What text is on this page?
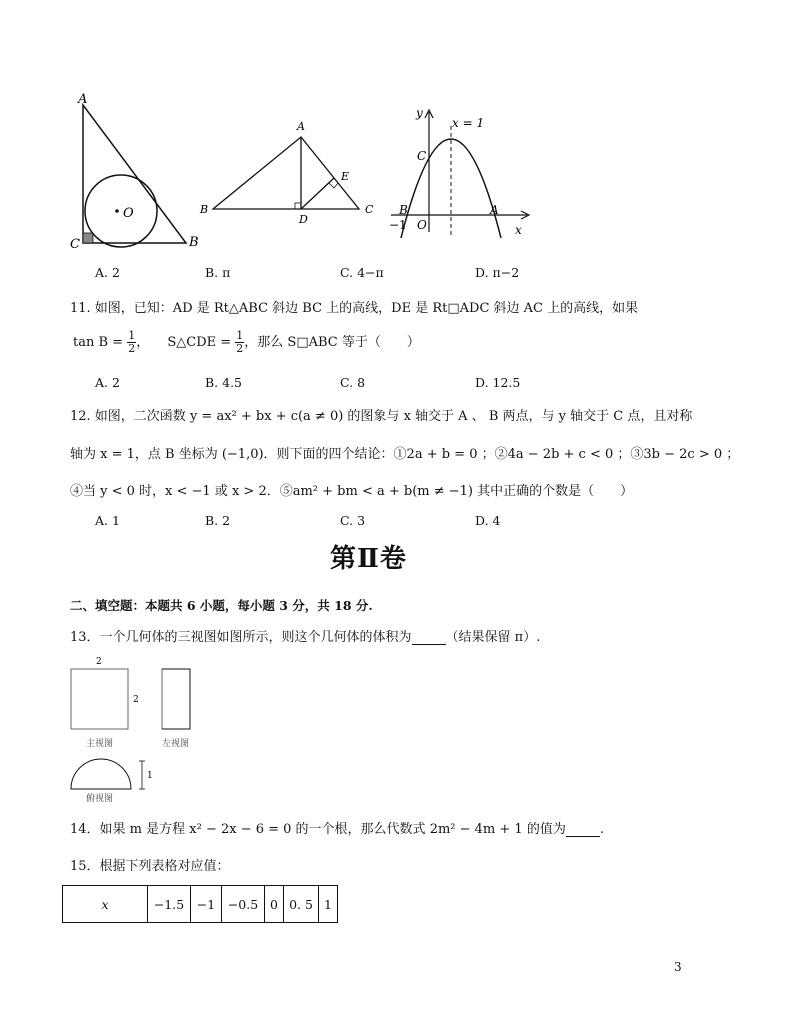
A
C	B
O
A
B	C
D
E
y
x
x = 1
C
B	A
O
−1
A. 2	B. π	C. 4−π	D. π−2
11. 如图，已知：AD 是 Rt△ABC 斜边 BC 上的高线，DE 是 Rt□ADC 斜边 AC 上的高线，如果
$\tan B = \frac{1}{2}$ ， S△CDE = $\frac{1}{2}$ ，那么 S□ABC 等于（　　）
A. 2	B. 4.5	C. 8	D. 12.5
12. 如图，二次函数 y = ax² + bx + c(a ≠ 0) 的图象与 x 轴交于 A 、 B 两点，与 y 轴交于 C 点，且对称
轴为 x = 1，点 B 坐标为 (−1,0)．则下面的四个结论：①2a + b = 0 ；②4a − 2b + c < 0 ；③3b − 2c > 0 ；
④当 y < 0 时，x < −1 或 x > 2．⑤am² + bm < a + b(m ≠ −1) 其中正确的个数是（　　）
A. 1	B. 2	C. 3	D. 4
第Ⅱ卷
二、填空题：本题共 6 小题，每小题 3 分，共 18 分.
13．一个几何体的三视图如图所示，则这个几何体的体积为	（结果保留 π）.
2
2
主视图	左视图
1
俯视图
14．如果 m 是方程 x² − 2x − 6 = 0 的一个根，那么代数式 2m² − 4m + 1 的值为	.
15．根据下列表格对应值：
x	−1.5	−1	−0.5	0	0. 5	1
3
